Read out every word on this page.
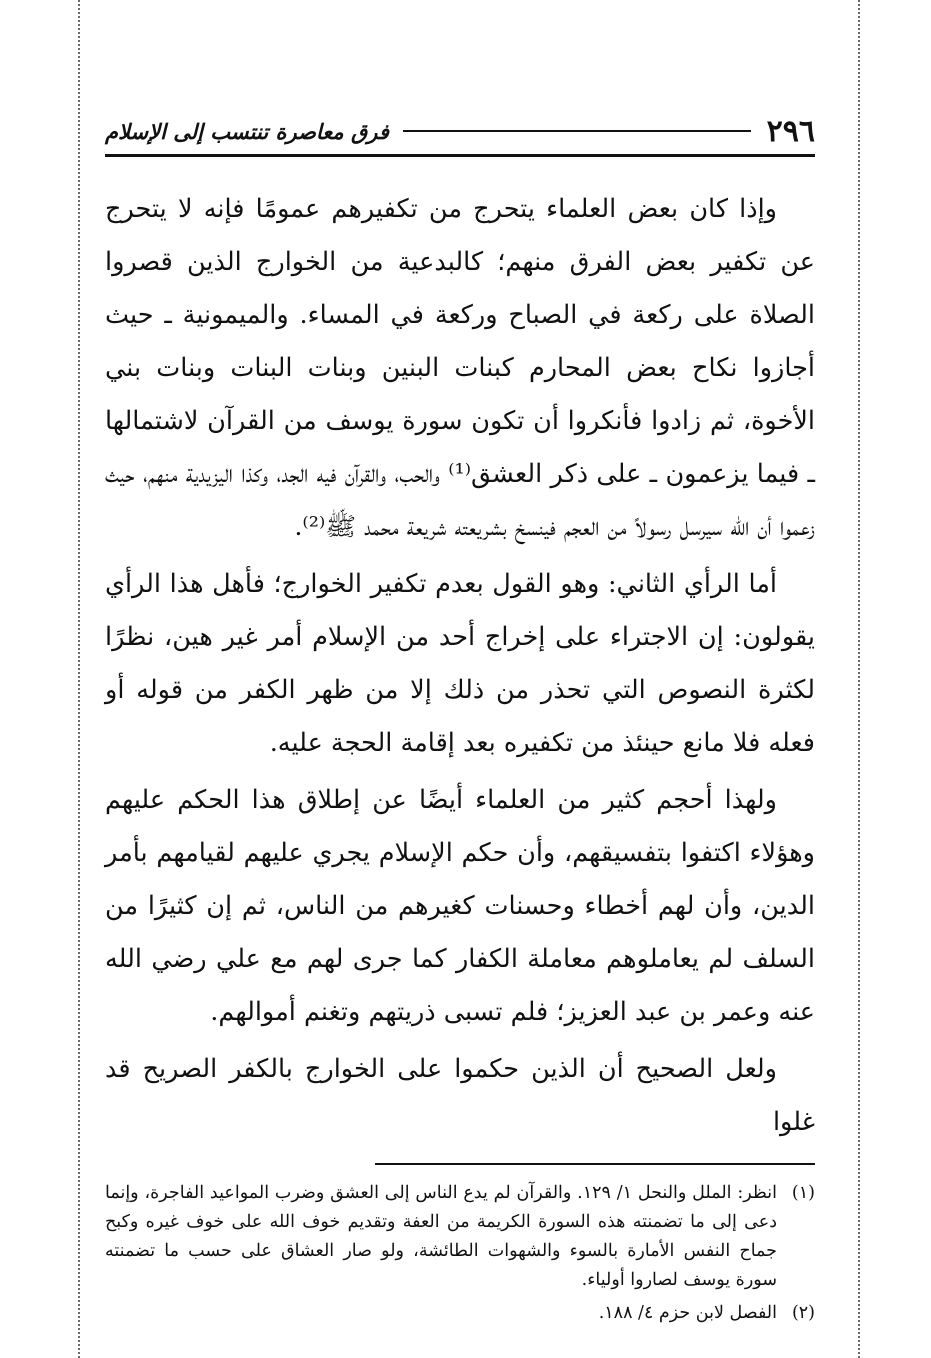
٢٩٦
فرق معاصرة تنتسب إلى الإسلام

وإذا كان بعض العلماء يتحرج من تكفيرهم عمومًا فإنه لا يتحرج عن تكفير بعض الفرق منهم؛ كالبدعية من الخوارج الذين قصروا الصلاة على ركعة في الصباح وركعة في المساء. والميمونية ـ حيث أجازوا نكاح بعض المحارم كبنات البنين وبنات البنات وبنات بني الأخوة، ثم زادوا فأنكروا أن تكون سورة يوسف من القرآن لاشتمالها ـ فيما يزعمون ـ على ذكر العشق⁽¹⁾ والحب، والقرآن فيه الجد، وكذا اليزيدية منهم، حيث زعموا أن الله سيرسل رسولاً من العجم فينسخ بشريعته شريعة محمد ﷺ⁽²⁾.

أما الرأي الثاني: وهو القول بعدم تكفير الخوارج؛ فأهل هذا الرأي يقولون: إن الاجتراء على إخراج أحد من الإسلام أمر غير هين، نظرًا لكثرة النصوص التي تحذر من ذلك إلا من ظهر الكفر من قوله أو فعله فلا مانع حينئذ من تكفيره بعد إقامة الحجة عليه.

ولهذا أحجم كثير من العلماء أيضًا عن إطلاق هذا الحكم عليهم وهؤلاء اكتفوا بتفسيقهم، وأن حكم الإسلام يجري عليهم لقيامهم بأمر الدين، وأن لهم أخطاء وحسنات كغيرهم من الناس، ثم إن كثيرًا من السلف لم يعاملوهم معاملة الكفار كما جرى لهم مع علي رضي الله عنه وعمر بن عبد العزيز؛ فلم تسبى ذريتهم وتغنم أموالهم.

ولعل الصحيح أن الذين حكموا على الخوارج بالكفر الصريح قد غلوا

(١)انظر: الملل والنحل ١/ ١٢٩. والقرآن لم يدع الناس إلى العشق وضرب المواعيد الفاجرة، وإنما دعى إلى ما تضمنته هذه السورة الكريمة من العفة وتقديم خوف الله على خوف غيره وكبح جماح النفس الأمارة بالسوء والشهوات الطائشة، ولو صار العشاق على حسب ما تضمنته سورة يوسف لصاروا أولياء.

(٢)الفصل لابن حزم ٤/ ١٨٨.
